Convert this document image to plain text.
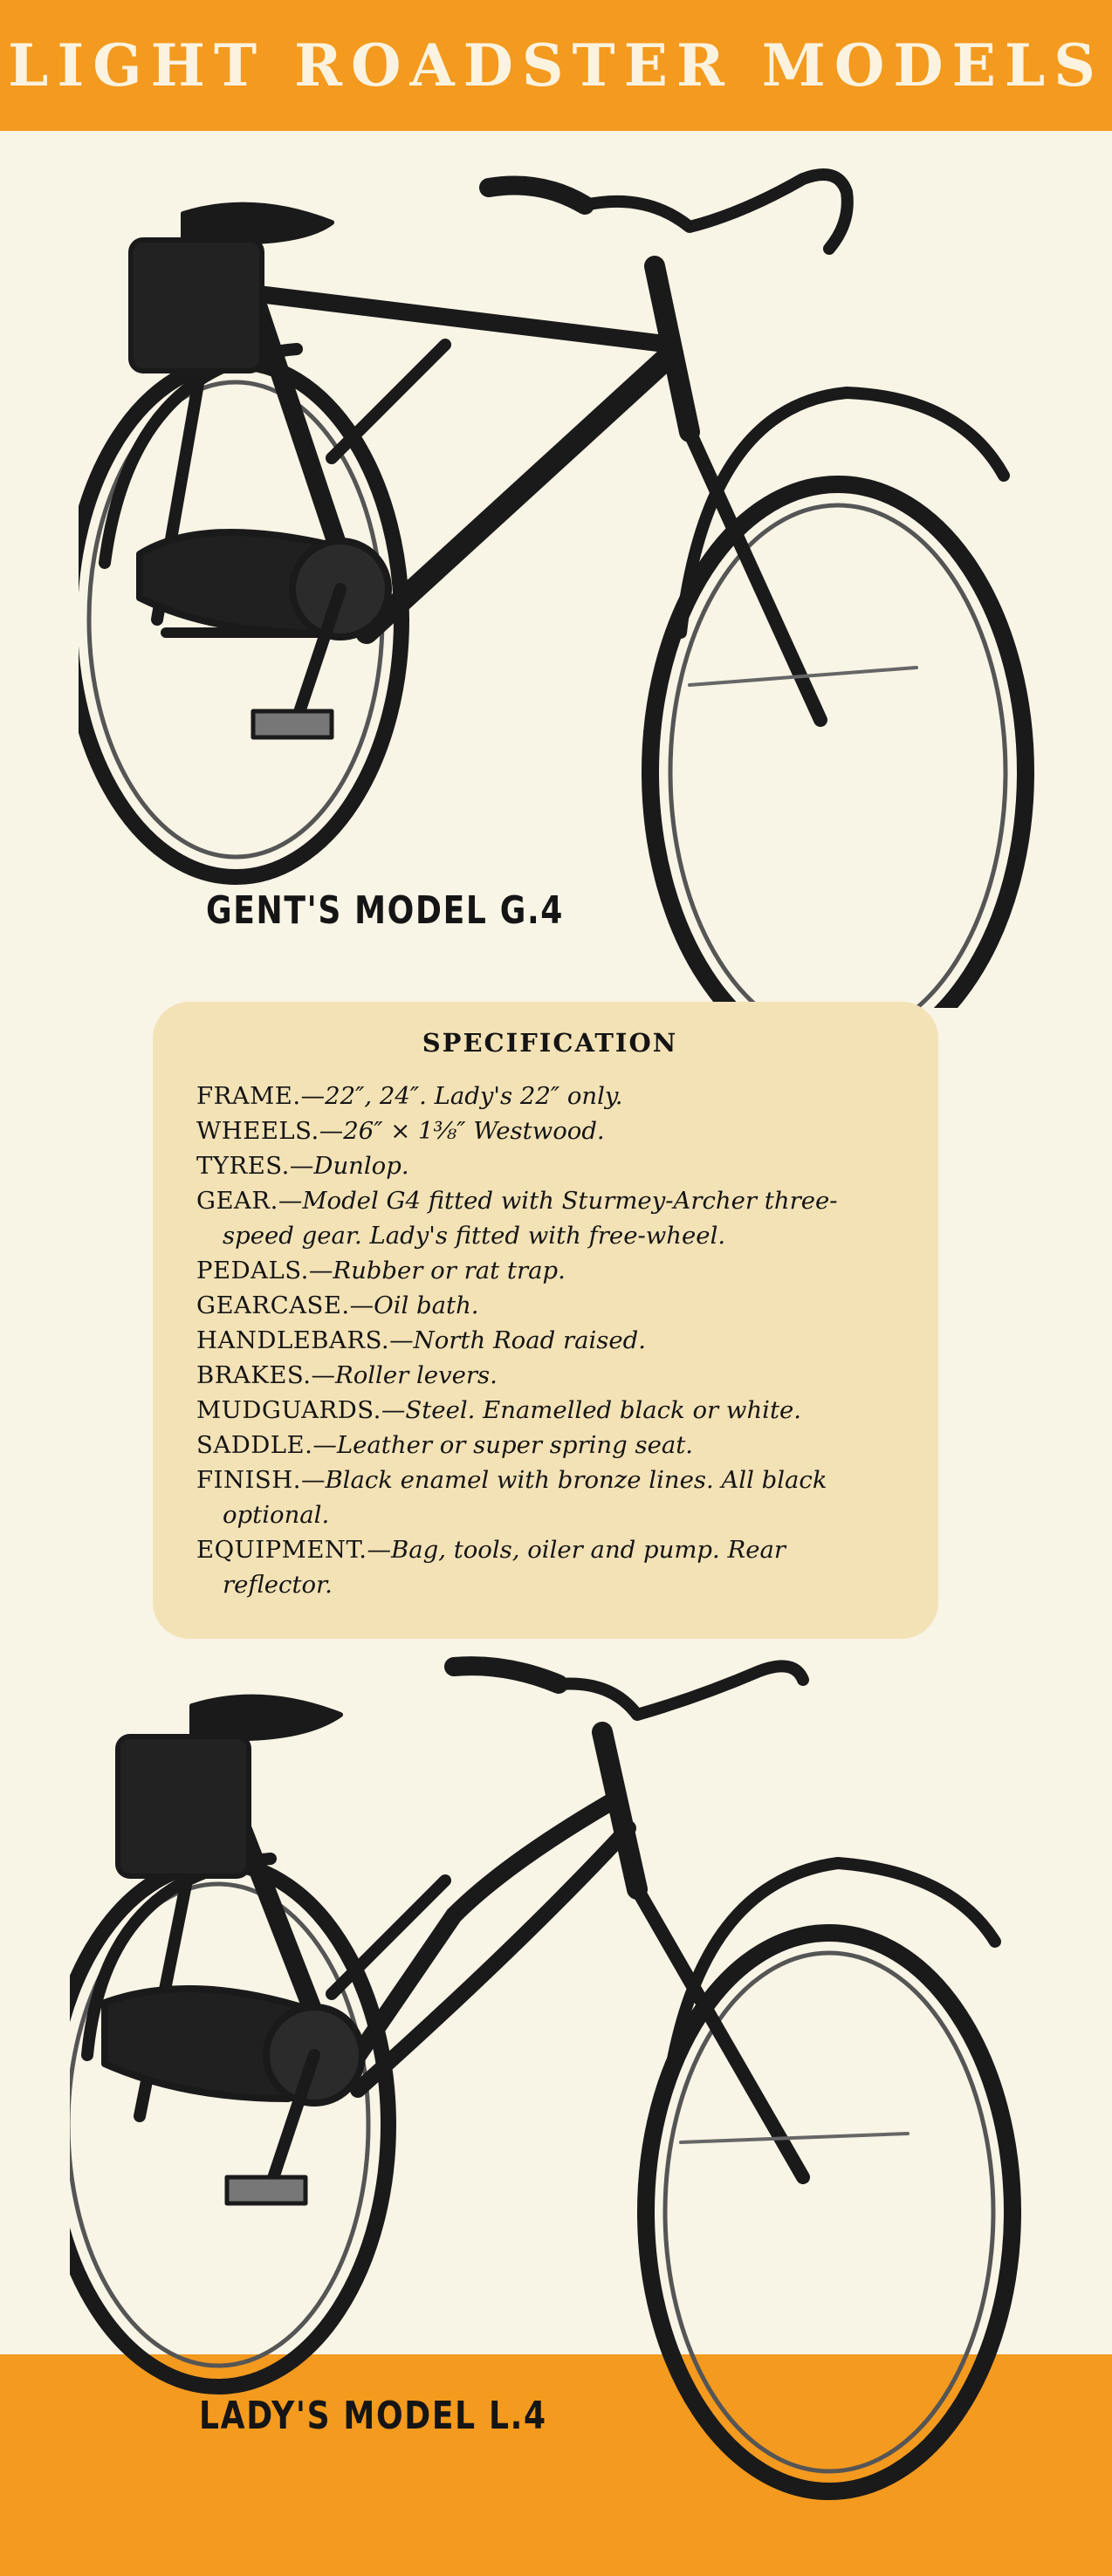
LIGHT ROADSTER MODELS
GENT'S MODEL G.4
SPECIFICATION
FRAME.—22″, 24″. Lady's 22″ only.
WHEELS.—26″ × 1⅜″ Westwood.
TYRES.—Dunlop.
GEAR.—Model G4 fitted with Sturmey-Archer three-
speed gear. Lady's fitted with free-wheel.
PEDALS.—Rubber or rat trap.
GEARCASE.—Oil bath.
HANDLEBARS.—North Road raised.
BRAKES.—Roller levers.
MUDGUARDS.—Steel. Enamelled black or white.
SADDLE.—Leather or super spring seat.
FINISH.—Black enamel with bronze lines. All black
optional.
EQUIPMENT.—Bag, tools, oiler and pump. Rear
reflector.
LADY'S MODEL L.4
